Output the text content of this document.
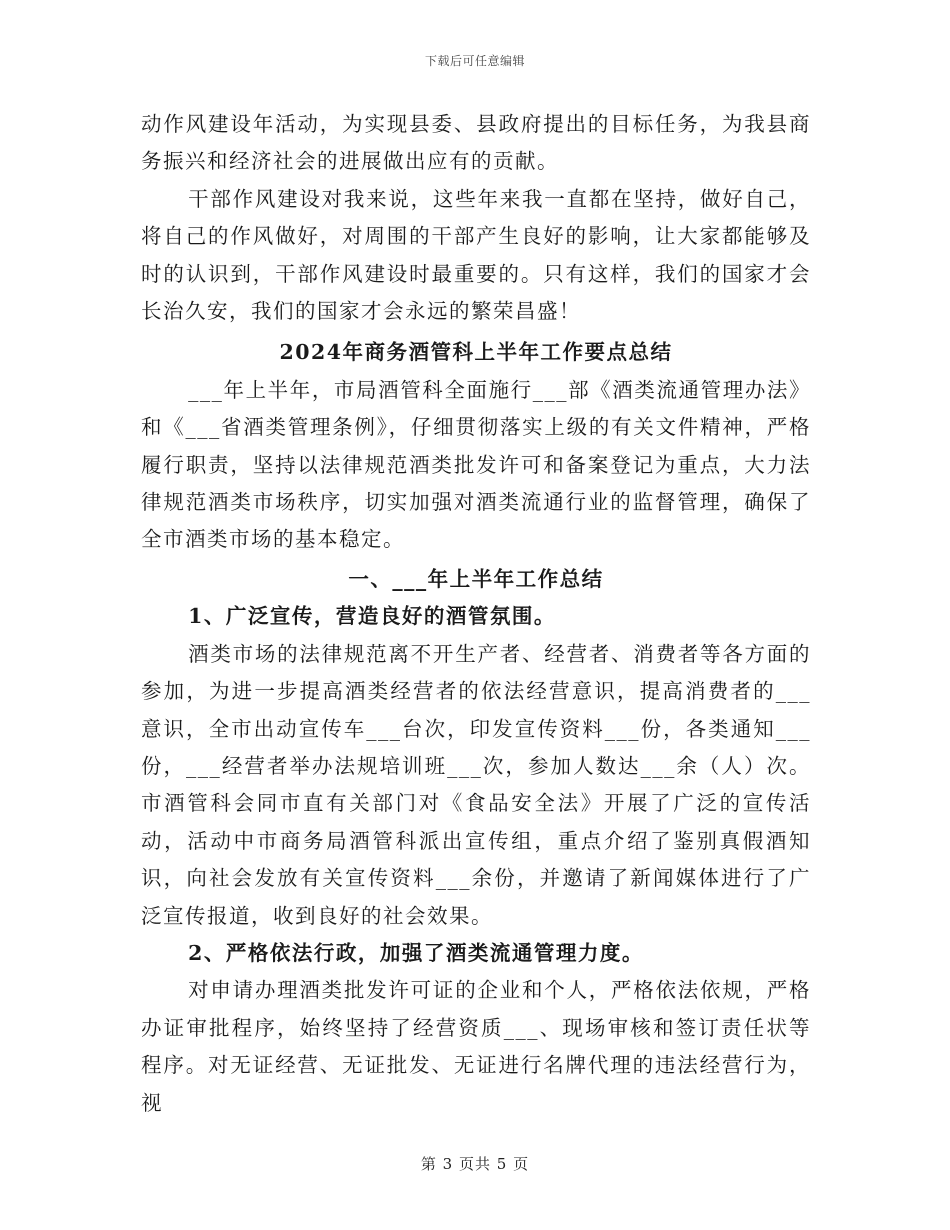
下载后可任意编辑

动作风建设年活动，为实现县委、县政府提出的目标任务，为我县商务振兴和经济社会的进展做出应有的贡献。

干部作风建设对我来说，这些年来我一直都在坚持，做好自己，将自己的作风做好，对周围的干部产生良好的影响，让大家都能够及时的认识到，干部作风建设时最重要的。只有这样，我们的国家才会长治久安，我们的国家才会永远的繁荣昌盛！

2024年商务酒管科上半年工作要点总结

___年上半年，市局酒管科全面施行___部《酒类流通管理办法》和《___省酒类管理条例》，仔细贯彻落实上级的有关文件精神，严格履行职责，坚持以法律规范酒类批发许可和备案登记为重点，大力法律规范酒类市场秩序，切实加强对酒类流通行业的监督管理，确保了全市酒类市场的基本稳定。

一、___年上半年工作总结

1、广泛宣传，营造良好的酒管氛围。

酒类市场的法律规范离不开生产者、经营者、消费者等各方面的参加，为进一步提高酒类经营者的依法经营意识，提高消费者的___意识，全市出动宣传车___台次，印发宣传资料___份，各类通知___份，___经营者举办法规培训班___次，参加人数达___余（人）次。市酒管科会同市直有关部门对《食品安全法》开展了广泛的宣传活动，活动中市商务局酒管科派出宣传组，重点介绍了鉴别真假酒知识，向社会发放有关宣传资料___余份，并邀请了新闻媒体进行了广泛宣传报道，收到良好的社会效果。

2、严格依法行政，加强了酒类流通管理力度。

对申请办理酒类批发许可证的企业和个人，严格依法依规，严格办证审批程序，始终坚持了经营资质___、现场审核和签订责任状等程序。对无证经营、无证批发、无证进行名牌代理的违法经营行为，视

第 3 页共 5 页
